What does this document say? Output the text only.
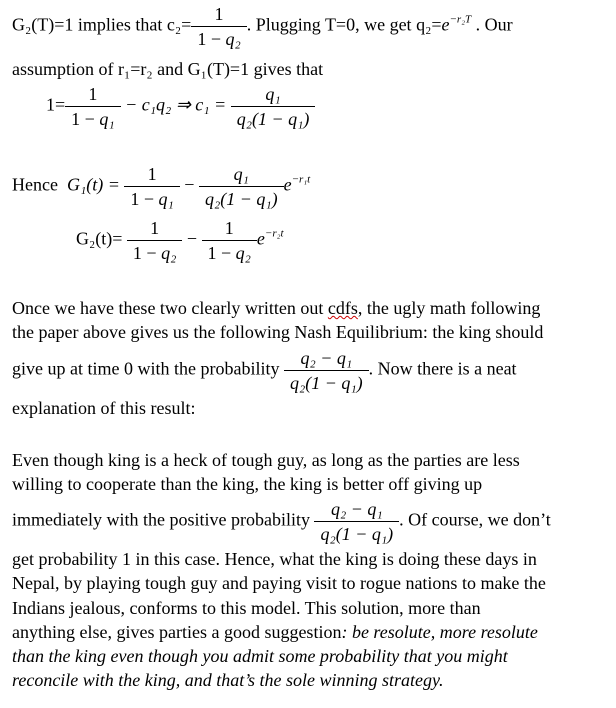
G₂(T)=1 implies that $c_2= \frac{1}{\text{1 − q₂}}$ . Plugging T=0, we get $q_2=e^{-r_2T}$ . Our
assumption of r₁=r₂ and G₁(T)=1 gives that
$1= \frac{1}{\text{1 − q₁}} - c_1q_2$ ⇒ $c_1 = \frac{\text{q₁}}{\text{q₂(1 − q₁)}}$
Hence $G_1(t) = \frac{1}{\text{1 − q₁}} - \frac{\text{q₁}}{\text{q₂(1 − q₁)}} e^{-r_1t}$
$G_2(t)= \frac{1}{\text{1 − q₂}} - \frac{1}{\text{1 − q₂}} e^{-r_2t}$
Once we have these two clearly written out cdfs, the ugly math following
the paper above gives us the following Nash Equilibrium: the king should
give up at time 0 with the probability $\frac{\text{q₂ − q₁}}{\text{q₂(1 − q₁)}}$ . Now there is a neat
explanation of this result:
Even though king is a heck of tough guy, as long as the parties are less
willing to cooperate than the king, the king is better off giving up
immediately with the positive probability $\frac{\text{q₂ − q₁}}{\text{q₂(1 − q₁)}}$ . Of course, we don’t
get probability 1 in this case. Hence, what the king is doing these days in
Nepal, by playing tough guy and paying visit to rogue nations to make the
Indians jealous, conforms to this model. This solution, more than
anything else, gives parties a good suggestion: be resolute, more resolute
than the king even though you admit some probability that you might
reconcile with the king, and that’s the sole winning strategy.
